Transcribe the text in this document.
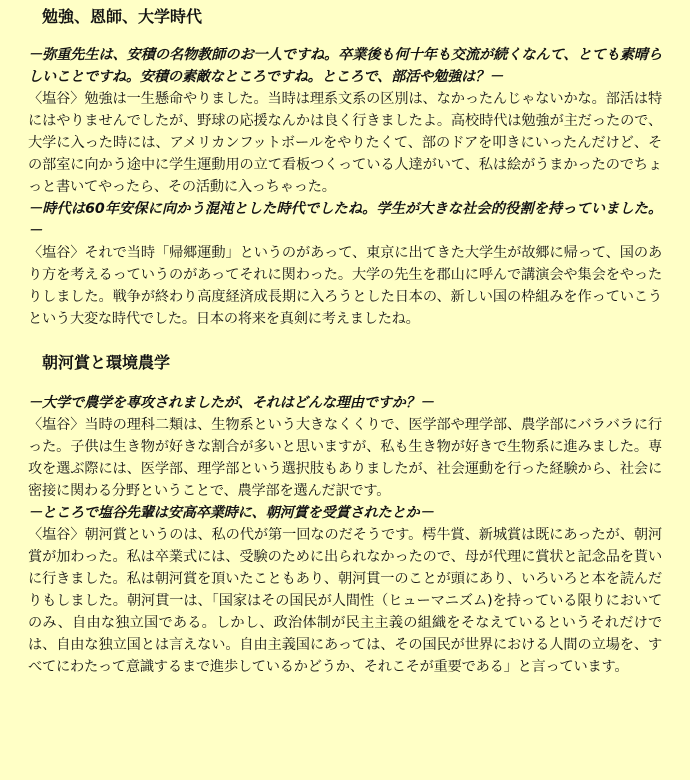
勉強、恩師、大学時代

－弥重先生は、安積の名物教師のお一人ですね。卒業後も何十年も交流が続くなんて、とても素晴らしいことですね。安積の素敵なところですね。ところで、部活や勉強は？－

〈塩谷〉勉強は一生懸命やりました。当時は理系文系の区別は、なかったんじゃないかな。部活は特にはやりませんでしたが、野球の応援なんかは良く行きましたよ。高校時代は勉強が主だったので、大学に入った時には、アメリカンフットボールをやりたくて、部のドアを叩きにいったんだけど、その部室に向かう途中に学生運動用の立て看板つくっている人達がいて、私は絵がうまかったのでちょっと書いてやったら、その活動に入っちゃった。

－時代は60年安保に向かう混沌とした時代でしたね。学生が大きな社会的役割を持っていました。－

〈塩谷〉それで当時「帰郷運動」というのがあって、東京に出てきた大学生が故郷に帰って、国のあり方を考えるっていうのがあってそれに関わった。大学の先生を郡山に呼んで講演会や集会をやったりしました。戦争が終わり高度経済成長期に入ろうとした日本の、新しい国の枠組みを作っていこうという大変な時代でした。日本の将来を真剣に考えましたね。

朝河賞と環境農学

－大学で農学を専攻されましたが、それはどんな理由ですか？－

〈塩谷〉当時の理科二類は、生物系という大きなくくりで、医学部や理学部、農学部にバラバラに行った。子供は生き物が好きな割合が多いと思いますが、私も生き物が好きで生物系に進みました。専攻を選ぶ際には、医学部、理学部という選択肢もありましたが、社会運動を行った経験から、社会に密接に関わる分野ということで、農学部を選んだ訳です。

－ところで塩谷先輩は安高卒業時に、朝河賞を受賞されたとか－

〈塩谷〉朝河賞というのは、私の代が第一回なのだそうです。樗牛賞、新城賞は既にあったが、朝河賞が加わった。私は卒業式には、受験のために出られなかったので、母が代理に賞状と記念品を貰いに行きました。私は朝河賞を頂いたこともあり、朝河貫一のことが頭にあり、いろいろと本を読んだりもしました。朝河貫一は、「国家はその国民が人間性（ヒューマニズム)を持っている限りにおいてのみ、自由な独立国である。しかし、政治体制が民主主義の組織をそなえているというそれだけでは、自由な独立国とは言えない。自由主義国にあっては、その国民が世界における人間の立場を、すべてにわたって意識するまで進歩しているかどうか、それこそが重要である」と言っています。
